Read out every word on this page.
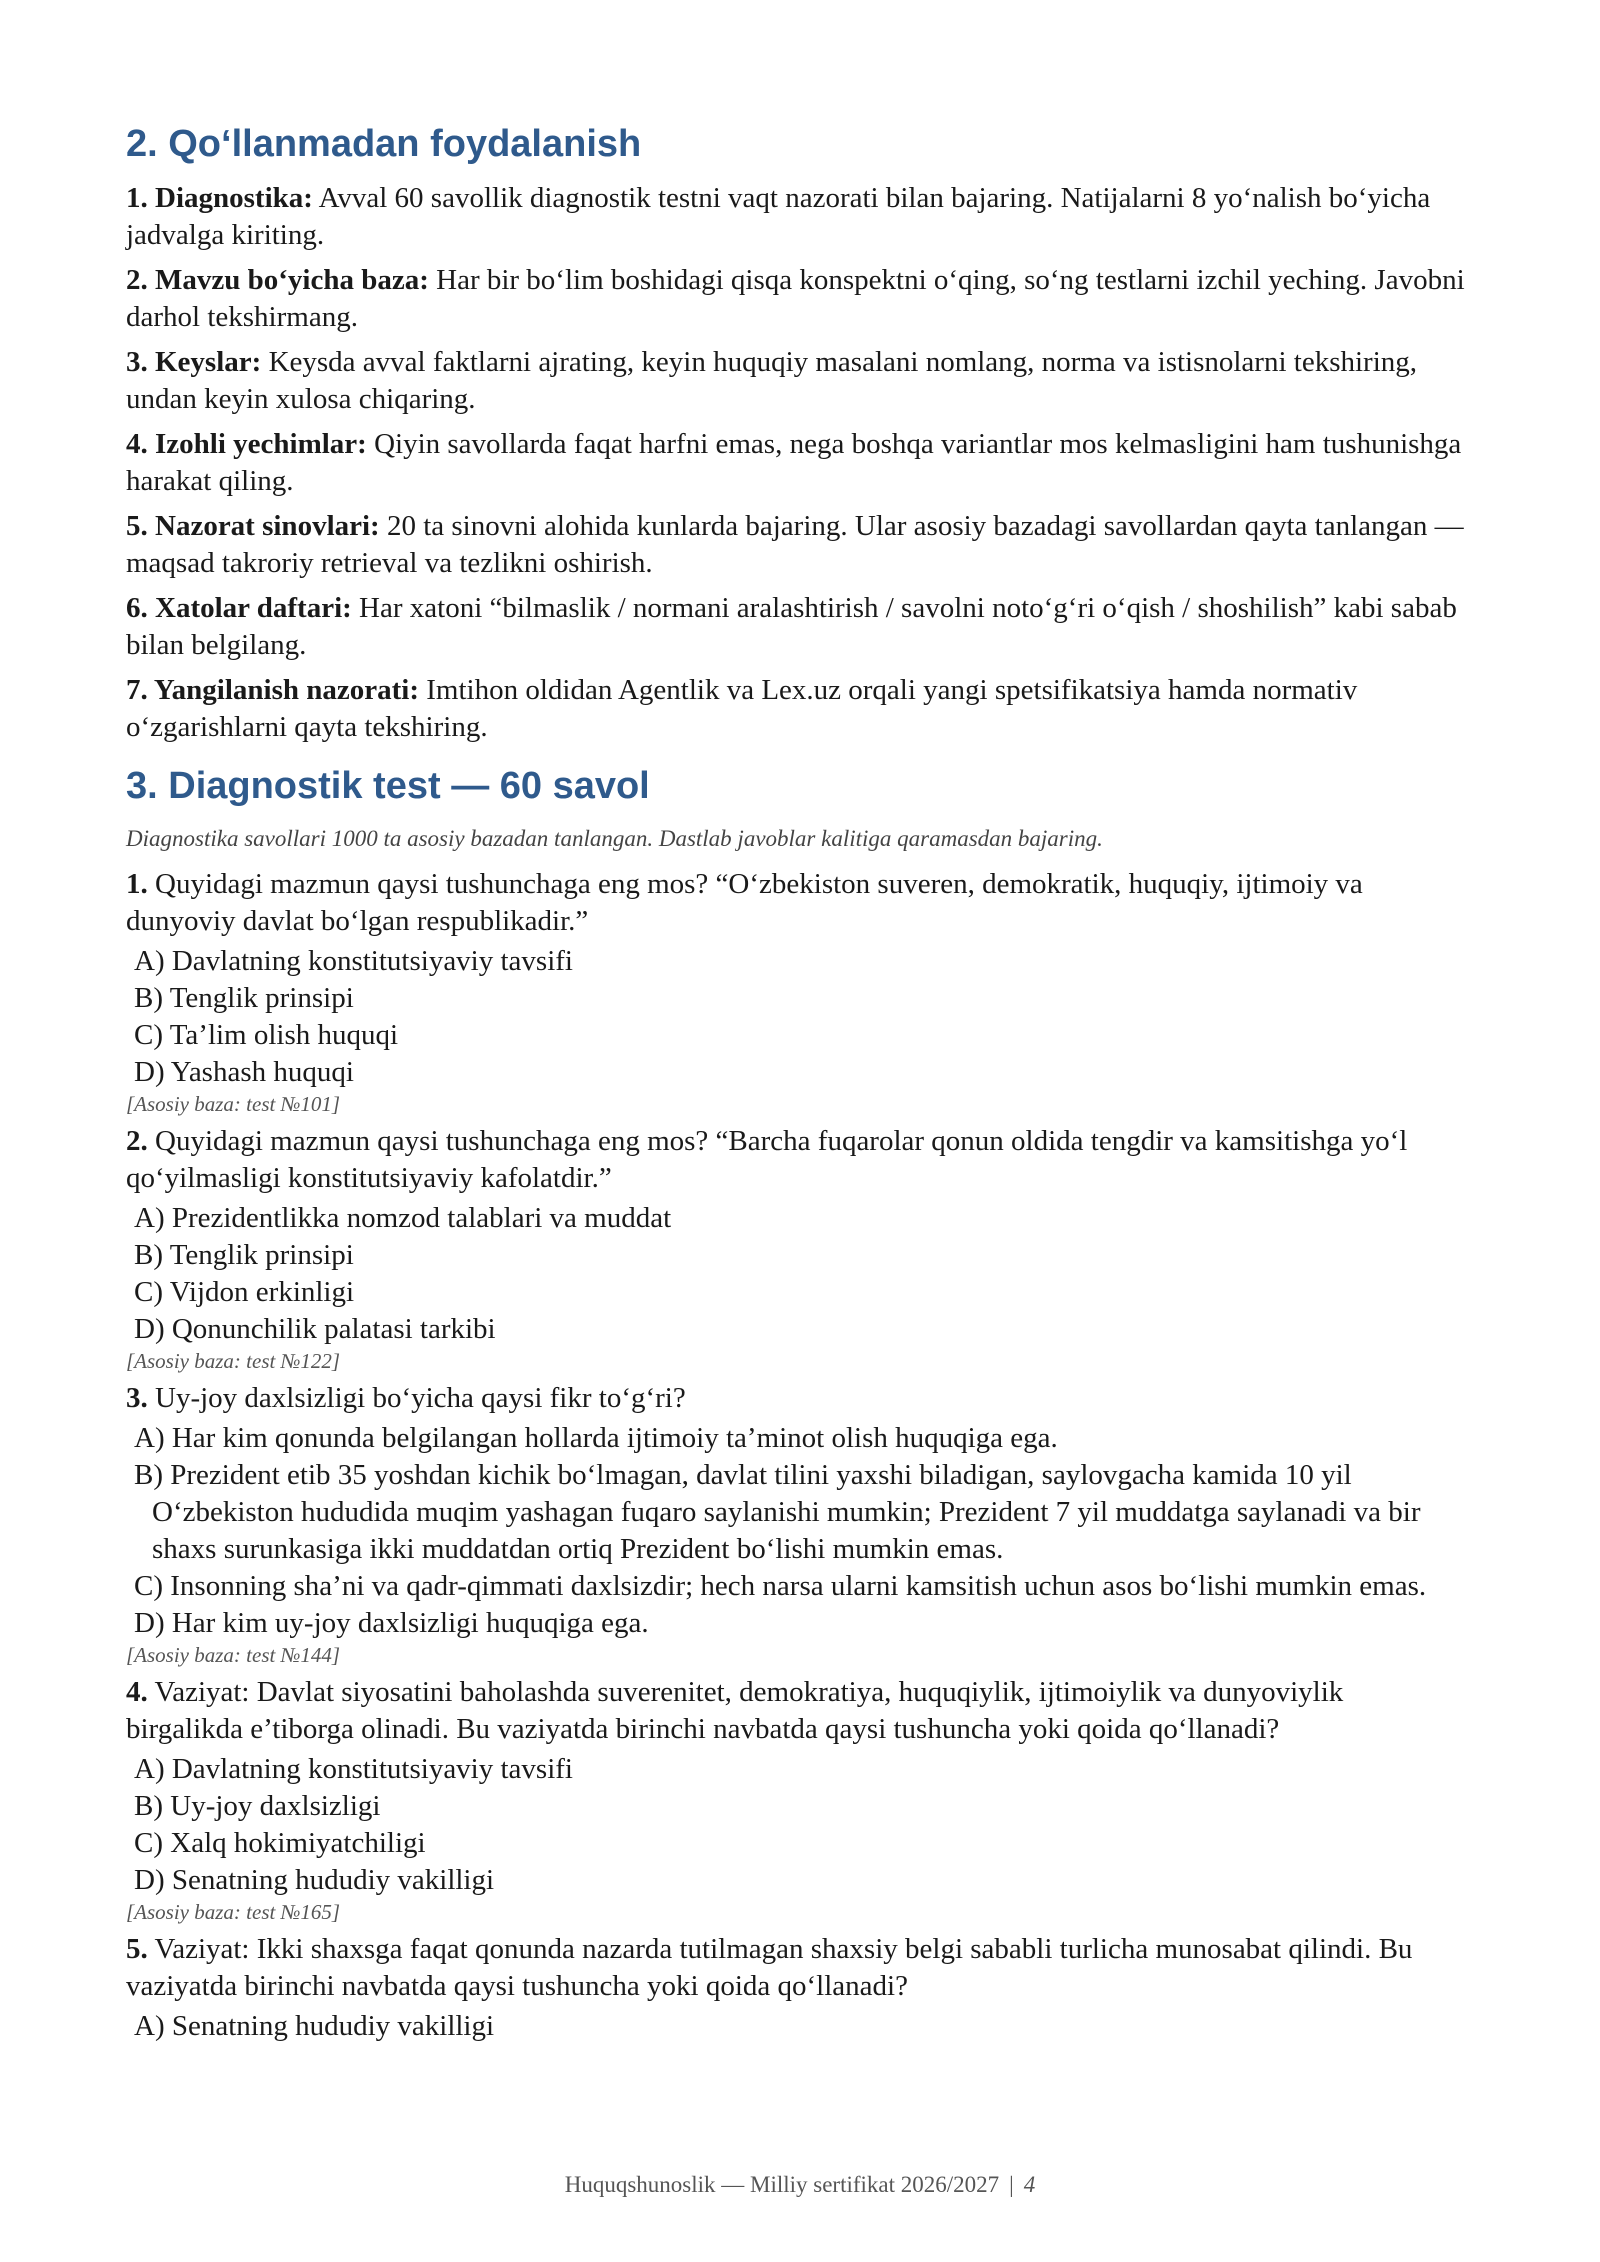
2. Qo‘llanmadan foydalanish

1. Diagnostika: Avval 60 savollik diagnostik testni vaqt nazorati bilan bajaring. Natijalarni 8 yo‘nalish bo‘yicha jadvalga kiriting.

2. Mavzu bo‘yicha baza: Har bir bo‘lim boshidagi qisqa konspektni o‘qing, so‘ng testlarni izchil yeching. Javobni darhol tekshirmang.

3. Keyslar: Keysda avval faktlarni ajrating, keyin huquqiy masalani nomlang, norma va istisnolarni tekshiring, undan keyin xulosa chiqaring.

4. Izohli yechimlar: Qiyin savollarda faqat harfni emas, nega boshqa variantlar mos kelmasligini ham tushunishga harakat qiling.

5. Nazorat sinovlari: 20 ta sinovni alohida kunlarda bajaring. Ular asosiy bazadagi savollardan qayta tanlangan — maqsad takroriy retrieval va tezlikni oshirish.

6. Xatolar daftari: Har xatoni “bilmaslik / normani aralashtirish / savolni noto‘g‘ri o‘qish / shoshilish” kabi sabab bilan belgilang.

7. Yangilanish nazorati: Imtihon oldidan Agentlik va Lex.uz orqali yangi spetsifikatsiya hamda normativ o‘zgarishlarni qayta tekshiring.

3. Diagnostik test — 60 savol

Diagnostika savollari 1000 ta asosiy bazadan tanlangan. Dastlab javoblar kalitiga qaramasdan bajaring.

1. Quyidagi mazmun qaysi tushunchaga eng mos? “O‘zbekiston suveren, demokratik, huquqiy, ijtimoiy va dunyoviy davlat bo‘lgan respublikadir.”

A) Davlatning konstitutsiyaviy tavsifi
B) Tenglik prinsipi
C) Ta’lim olish huquqi
D) Yashash huquqi

[Asosiy baza: test №101]

2. Quyidagi mazmun qaysi tushunchaga eng mos? “Barcha fuqarolar qonun oldida tengdir va kamsitishga yo‘l qo‘yilmasligi konstitutsiyaviy kafolatdir.”

A) Prezidentlikka nomzod talablari va muddat
B) Tenglik prinsipi
C) Vijdon erkinligi
D) Qonunchilik palatasi tarkibi

[Asosiy baza: test №122]

3. Uy-joy daxlsizligi bo‘yicha qaysi fikr to‘g‘ri?

A) Har kim qonunda belgilangan hollarda ijtimoiy ta’minot olish huquqiga ega.
B) Prezident etib 35 yoshdan kichik bo‘lmagan, davlat tilini yaxshi biladigan, saylovgacha kamida 10 yil O‘zbekiston hududida muqim yashagan fuqaro saylanishi mumkin; Prezident 7 yil muddatga saylanadi va bir shaxs surunkasiga ikki muddatdan ortiq Prezident bo‘lishi mumkin emas.
C) Insonning sha’ni va qadr-qimmati daxlsizdir; hech narsa ularni kamsitish uchun asos bo‘lishi mumkin emas.
D) Har kim uy-joy daxlsizligi huquqiga ega.

[Asosiy baza: test №144]

4. Vaziyat: Davlat siyosatini baholashda suverenitet, demokratiya, huquqiylik, ijtimoiylik va dunyoviylik birgalikda e’tiborga olinadi. Bu vaziyatda birinchi navbatda qaysi tushuncha yoki qoida qo‘llanadi?

A) Davlatning konstitutsiyaviy tavsifi
B) Uy-joy daxlsizligi
C) Xalq hokimiyatchiligi
D) Senatning hududiy vakilligi

[Asosiy baza: test №165]

5. Vaziyat: Ikki shaxsga faqat qonunda nazarda tutilmagan shaxsiy belgi sababli turlicha munosabat qilindi. Bu vaziyatda birinchi navbatda qaysi tushuncha yoki qoida qo‘llanadi?

A) Senatning hududiy vakilligi
Huquqshunoslik — Milliy sertifikat 2026/2027 | 4
